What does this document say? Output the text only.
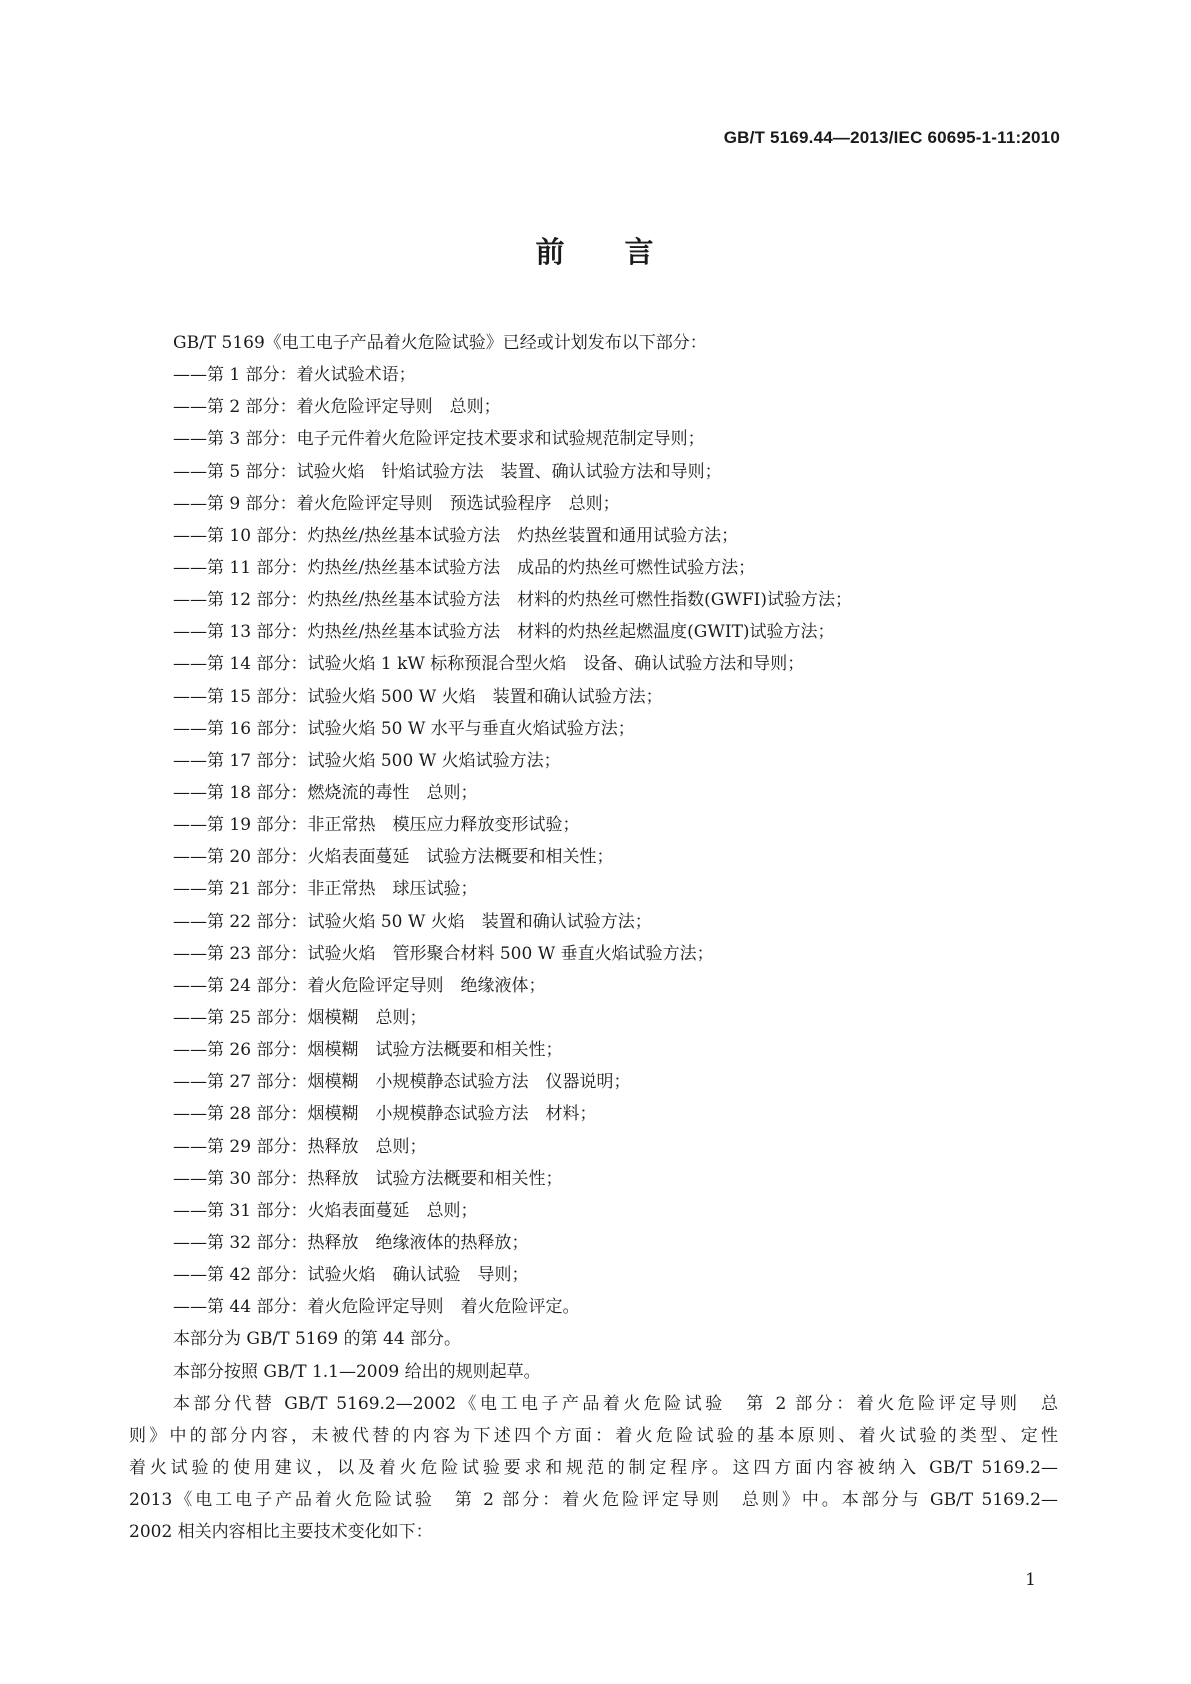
GB/T 5169.44—2013/IEC 60695-1-11:2010
前 言
GB/T 5169《电工电子产品着火危险试验》已经或计划发布以下部分：
——第 1 部分：着火试验术语；
——第 2 部分：着火危险评定导则　总则；
——第 3 部分：电子元件着火危险评定技术要求和试验规范制定导则；
——第 5 部分：试验火焰　针焰试验方法　装置、确认试验方法和导则；
——第 9 部分：着火危险评定导则　预选试验程序　总则；
——第 10 部分：灼热丝/热丝基本试验方法　灼热丝装置和通用试验方法；
——第 11 部分：灼热丝/热丝基本试验方法　成品的灼热丝可燃性试验方法；
——第 12 部分：灼热丝/热丝基本试验方法　材料的灼热丝可燃性指数(GWFI)试验方法；
——第 13 部分：灼热丝/热丝基本试验方法　材料的灼热丝起燃温度(GWIT)试验方法；
——第 14 部分：试验火焰 1 kW 标称预混合型火焰　设备、确认试验方法和导则；
——第 15 部分：试验火焰 500 W 火焰　装置和确认试验方法；
——第 16 部分：试验火焰 50 W 水平与垂直火焰试验方法；
——第 17 部分：试验火焰 500 W 火焰试验方法；
——第 18 部分：燃烧流的毒性　总则；
——第 19 部分：非正常热　模压应力释放变形试验；
——第 20 部分：火焰表面蔓延　试验方法概要和相关性；
——第 21 部分：非正常热　球压试验；
——第 22 部分：试验火焰 50 W 火焰　装置和确认试验方法；
——第 23 部分：试验火焰　管形聚合材料 500 W 垂直火焰试验方法；
——第 24 部分：着火危险评定导则　绝缘液体；
——第 25 部分：烟模糊　总则；
——第 26 部分：烟模糊　试验方法概要和相关性；
——第 27 部分：烟模糊　小规模静态试验方法　仪器说明；
——第 28 部分：烟模糊　小规模静态试验方法　材料；
——第 29 部分：热释放　总则；
——第 30 部分：热释放　试验方法概要和相关性；
——第 31 部分：火焰表面蔓延　总则；
——第 32 部分：热释放　绝缘液体的热释放；
——第 42 部分：试验火焰　确认试验　导则；
——第 44 部分：着火危险评定导则　着火危险评定。
本部分为 GB/T 5169 的第 44 部分。
本部分按照 GB/T 1.1—2009 给出的规则起草。
本部分代替 GB/T 5169.2—2002《电工电子产品着火危险试验　第 2 部分：着火危险评定导则　总
则》中的部分内容，未被代替的内容为下述四个方面：着火危险试验的基本原则、着火试验的类型、定性
着火试验的使用建议，以及着火危险试验要求和规范的制定程序。这四方面内容被纳入 GB/T 5169.2—
2013《电工电子产品着火危险试验　第 2 部分：着火危险评定导则　总则》中。本部分与 GB/T 5169.2—
2002 相关内容相比主要技术变化如下：
1
